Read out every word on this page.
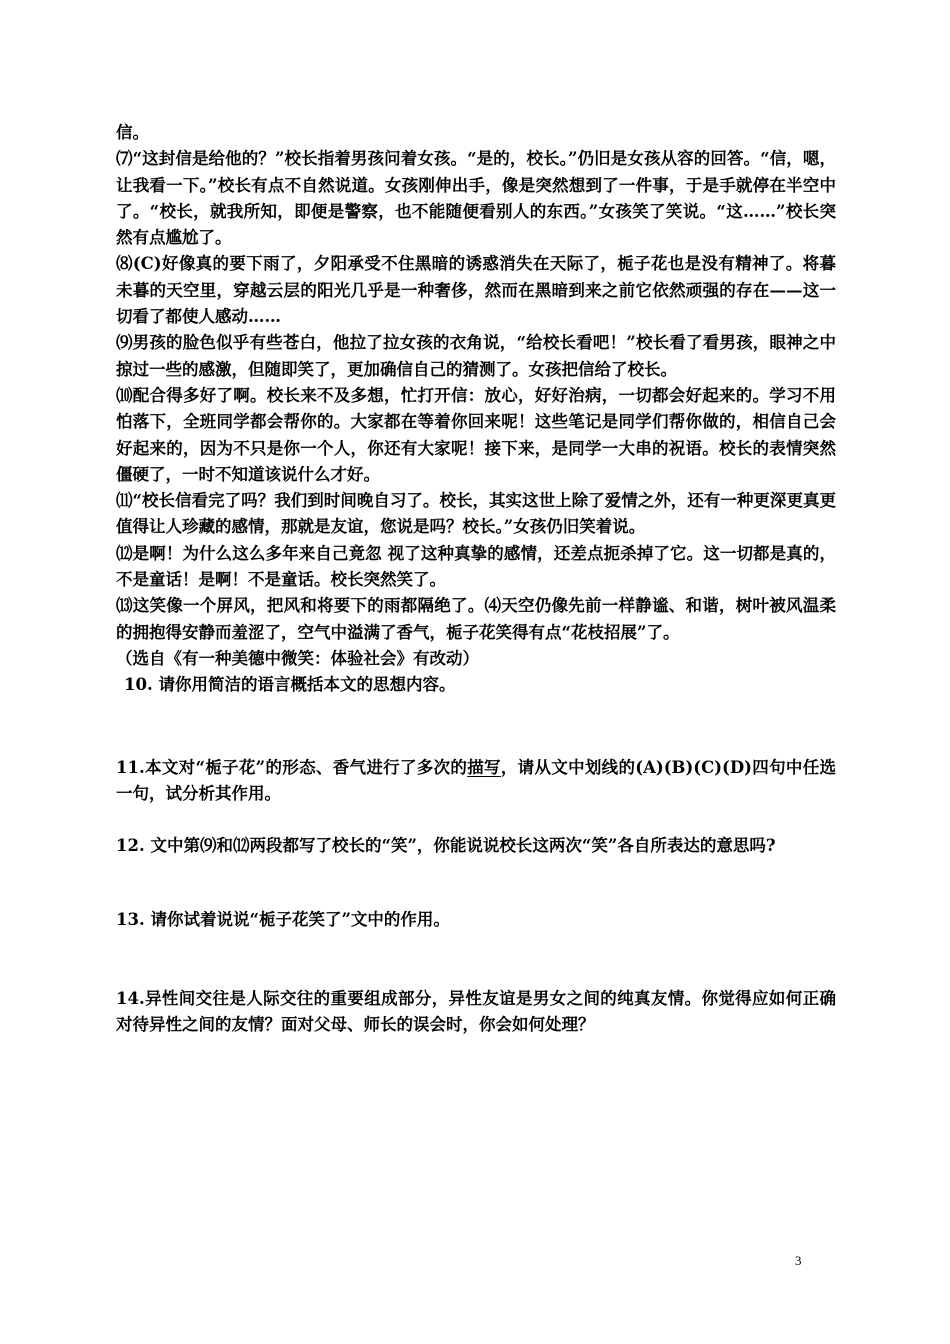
信。

⑺“这封信是给他的？”校长指着男孩问着女孩。“是的，校长。”仍旧是女孩从容的回答。“信，嗯，让我看一下。”校长有点不自然说道。女孩刚伸出手，像是突然想到了一件事，于是手就停在半空中了。“校长，就我所知，即便是警察，也不能随便看别人的东西。”女孩笑了笑说。“这……”校长突然有点尴尬了。

⑻(C)好像真的要下雨了，夕阳承受不住黑暗的诱惑消失在天际了，栀子花也是没有精神了。将暮未暮的天空里，穿越云层的阳光几乎是一种奢侈，然而在黑暗到来之前它依然顽强的存在——这一切看了都使人感动……

⑼男孩的脸色似乎有些苍白，他拉了拉女孩的衣角说，“给校长看吧！”校长看了看男孩，眼神之中掠过一些的感激，但随即笑了，更加确信自己的猜测了。女孩把信给了校长。

⑽配合得多好了啊。校长来不及多想，忙打开信：放心，好好治病，一切都会好起来的。学习不用怕落下，全班同学都会帮你的。大家都在等着你回来呢！这些笔记是同学们帮你做的，相信自己会好起来的，因为不只是你一个人，你还有大家呢！接下来，是同学一大串的祝语。校长的表情突然僵硬了，一时不知道该说什么才好。

⑾“校长信看完了吗？我们到时间晚自习了。校长，其实这世上除了爱情之外，还有一种更深更真更值得让人珍藏的感情，那就是友谊，您说是吗？校长。”女孩仍旧笑着说。

⑿是啊！为什么这么多年来自己竟忽 视了这种真挚的感情，还差点扼杀掉了它。这一切都是真的，不是童话！是啊！不是童话。校长突然笑了。

⒀这笑像一个屏风，把风和将要下的雨都隔绝了。⑷天空仍像先前一样静谧、和谐，树叶被风温柔的拥抱得安静而羞涩了，空气中溢满了香气，栀子花笑得有点“花枝招展”了。

（选自《有一种美德中微笑：体验社会》有改动）

10. 请你用简洁的语言概括本文的思想内容。

11.本文对“栀子花”的形态、香气进行了多次的描写，请从文中划线的(A)(B)(C)(D)四句中任选一句，试分析其作用。

12. 文中第⑼和⑿两段都写了校长的“笑”，你能说说校长这两次“笑”各自所表达的意思吗?

13. 请你试着说说“栀子花笑了”文中的作用。

14.异性间交往是人际交往的重要组成部分，异性友谊是男女之间的纯真友情。你觉得应如何正确对待异性之间的友情？面对父母、师长的误会时，你会如何处理？

3
